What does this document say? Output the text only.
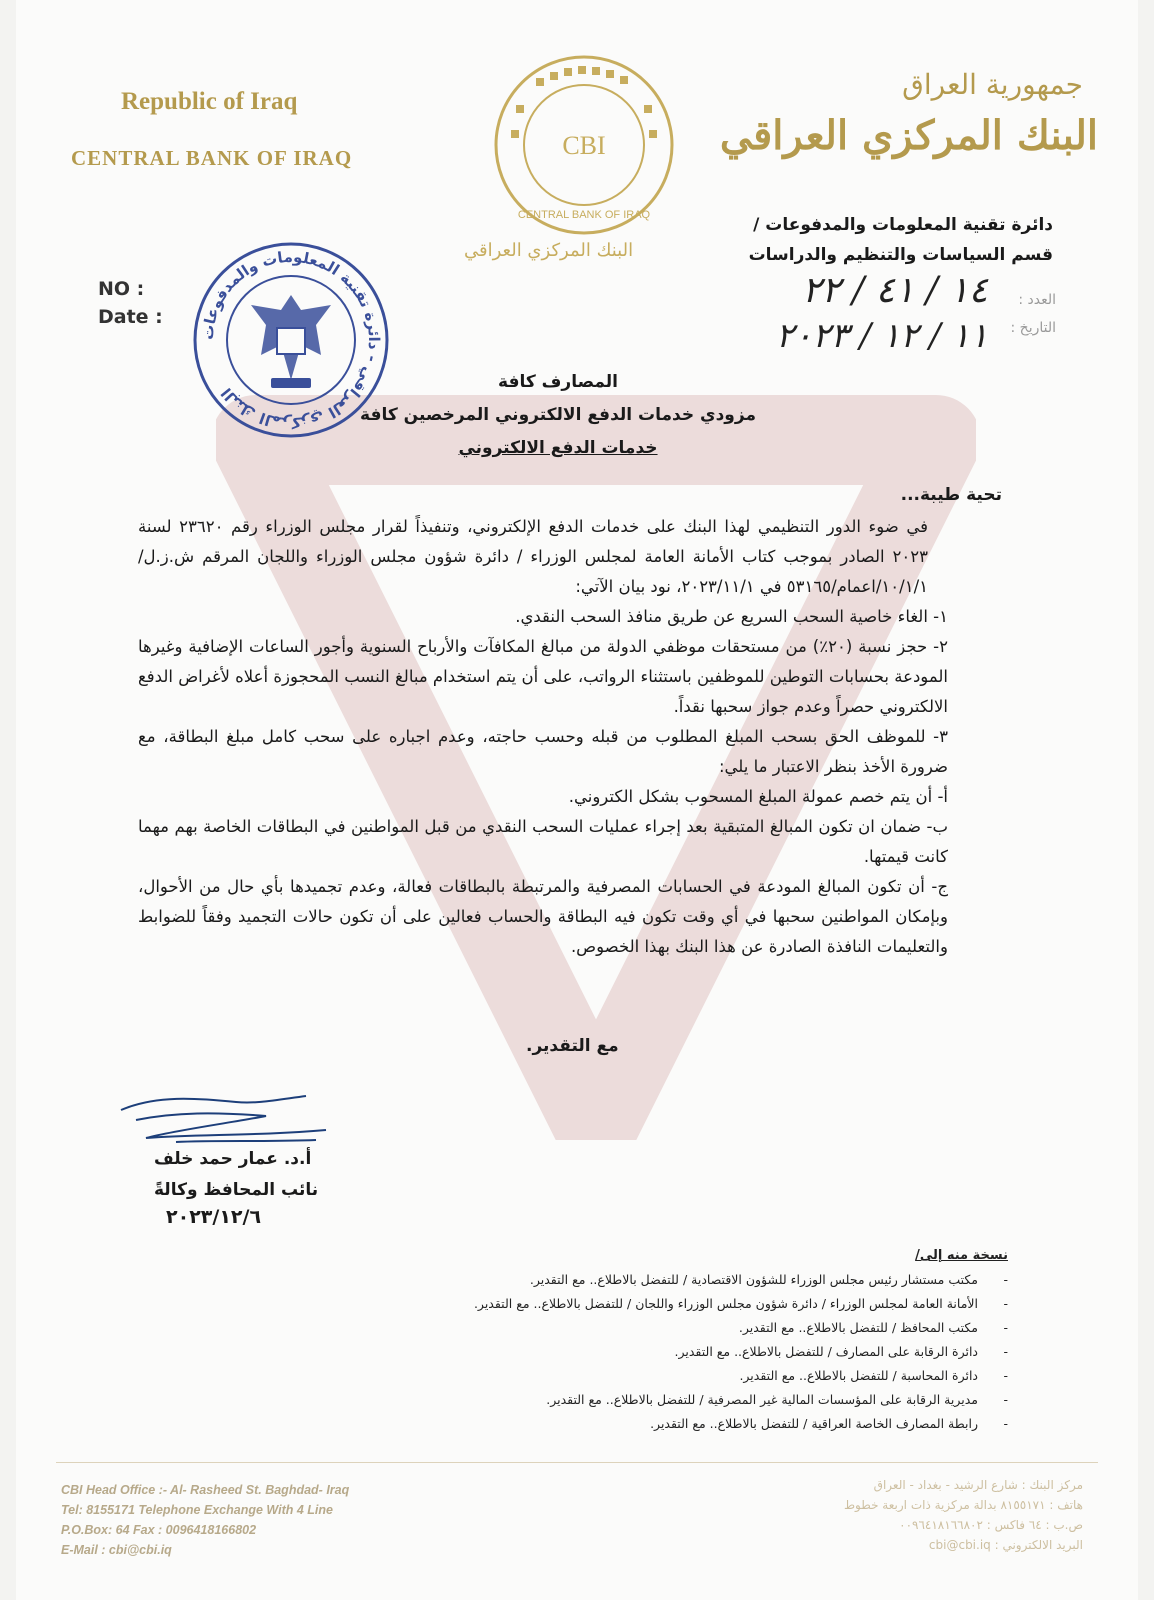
Republic of Iraq
CENTRAL BANK OF IRAQ
جمهورية العراق
البنك المركزي العراقي
CBI
CENTRAL BANK OF IRAQ
البنك المركزي العراقي
دائرة تقنية المعلومات والمدفوعات /
قسم السياسات والتنظيم والدراسات
NO :
Date :
العدد :
التاريخ :
١٤ / ٤١ / ٢٢
١١ / ١٢ / ٢٠٢٣
البنك المركزي العراقي - دائرة تقنية المعلومات والمدفوعات	المصارف كافة
مزودي خدمات الدفع الالكتروني المرخصين كافة
خدمات الدفع الالكتروني
تحية طيبة...

في ضوء الدور التنظيمي لهذا البنك على خدمات الدفع الإلكتروني، وتنفيذاً لقرار مجلس الوزراء رقم ٢٣٦٢٠ لسنة ٢٠٢٣ الصادر بموجب كتاب الأمانة العامة لمجلس الوزراء / دائرة شؤون مجلس الوزراء واللجان المرقم ش.ز.ل/١٠/١/١/اعمام/٥٣١٦٥ في ٢٠٢٣/١١/١، نود بيان الآتي:

١- الغاء خاصية السحب السريع عن طريق منافذ السحب النقدي.

٢- حجز نسبة (٢٠٪) من مستحقات موظفي الدولة من مبالغ المكافآت والأرباح السنوية وأجور الساعات الإضافية وغيرها المودعة بحسابات التوطين للموظفين باستثناء الرواتب، على أن يتم استخدام مبالغ النسب المحجوزة أعلاه لأغراض الدفع الالكتروني حصراً وعدم جواز سحبها نقداً.

٣- للموظف الحق بسحب المبلغ المطلوب من قبله وحسب حاجته، وعدم اجباره على سحب كامل مبلغ البطاقة، مع ضرورة الأخذ بنظر الاعتبار ما يلي:

أ- أن يتم خصم عمولة المبلغ المسحوب بشكل الكتروني.

ب- ضمان ان تكون المبالغ المتبقية بعد إجراء عمليات السحب النقدي من قبل المواطنين في البطاقات الخاصة بهم مهما كانت قيمتها.

ج- أن تكون المبالغ المودعة في الحسابات المصرفية والمرتبطة بالبطاقات فعالة، وعدم تجميدها بأي حال من الأحوال، وبإمكان المواطنين سحبها في أي وقت تكون فيه البطاقة والحساب فعالين على أن تكون حالات التجميد وفقاً للضوابط والتعليمات النافذة الصادرة عن هذا البنك بهذا الخصوص.

مع التقدير.
أ.د. عمار حمد خلف
نائب المحافظ وكالةً
٢٠٢٣/١٢/٦
نسخة منه إلى/
- مكتب مستشار رئيس مجلس الوزراء للشؤون الاقتصادية / للتفضل بالاطلاع.. مع التقدير.
- الأمانة العامة لمجلس الوزراء / دائرة شؤون مجلس الوزراء واللجان / للتفضل بالاطلاع.. مع التقدير.
- مكتب المحافظ / للتفضل بالاطلاع.. مع التقدير.
- دائرة الرقابة على المصارف / للتفضل بالاطلاع.. مع التقدير.
- دائرة المحاسبة / للتفضل بالاطلاع.. مع التقدير.
- مديرية الرقابة على المؤسسات المالية غير المصرفية / للتفضل بالاطلاع.. مع التقدير.
- رابطة المصارف الخاصة العراقية / للتفضل بالاطلاع.. مع التقدير.
CBI Head Office :- Al- Rasheed St. Baghdad- Iraq
Tel: 8155171 Telephone Exchange With 4 Line
P.O.Box: 64 Fax : 0096418166802
E-Mail : cbi@cbi.iq
مركز البنك : شارع الرشيد - بغداد - العراق
هاتف : ٨١٥٥١٧١ بدالة مركزية ذات اربعة خطوط
ص.ب : ٦٤ فاكس : ٠٠٩٦٤١٨١٦٦٨٠٢
البريد الالكتروني : cbi@cbi.iq
